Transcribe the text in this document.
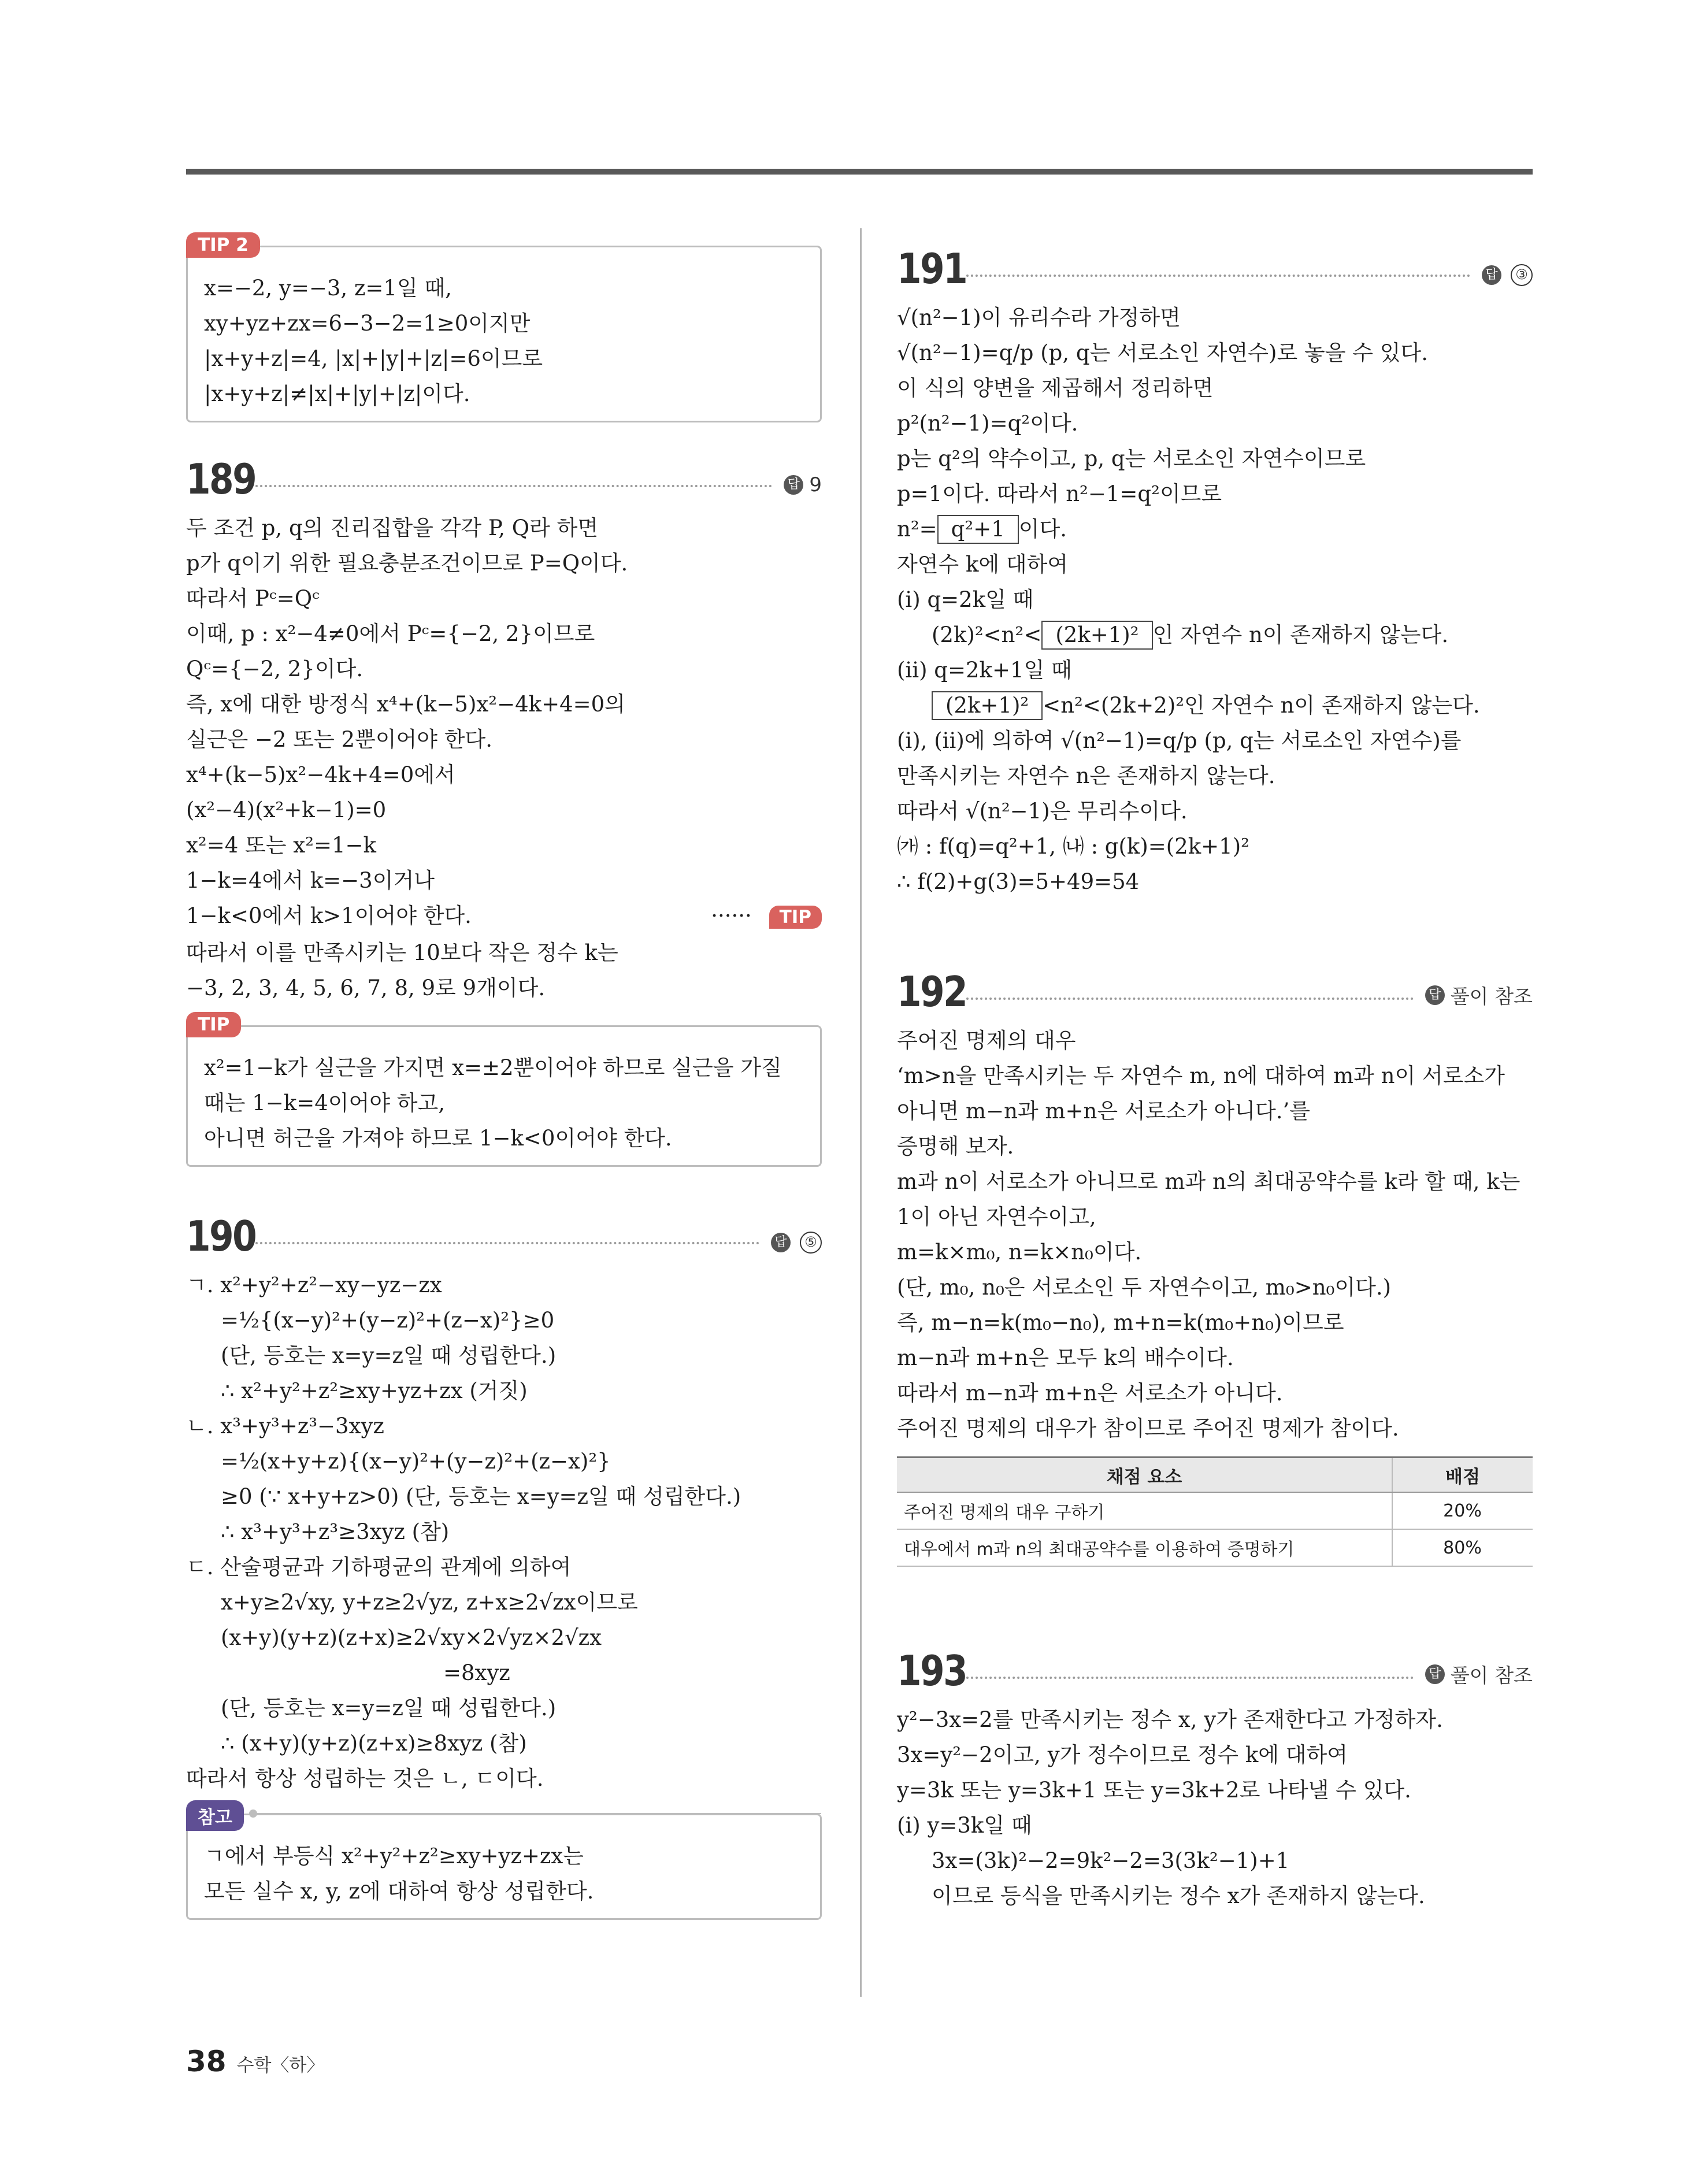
TIP 2
x=−2, y=−3, z=1일 때,
xy+yz+zx=6−3−2=1≥0이지만
|x+y+z|=4, |x|+|y|+|z|=6이므로
|x+y+z|≠|x|+|y|+|z|이다.
189	답 9
두 조건 p, q의 진리집합을 각각 P, Q라 하면
p가 q이기 위한 필요충분조건이므로 P=Q이다.
따라서 Pᶜ=Qᶜ
이때, p : x²−4≠0에서 Pᶜ={−2, 2}이므로
Qᶜ={−2, 2}이다.
즉, x에 대한 방정식 x⁴+(k−5)x²−4k+4=0의
실근은 −2 또는 2뿐이어야 한다.
x⁴+(k−5)x²−4k+4=0에서
(x²−4)(x²+k−1)=0
x²=4 또는 x²=1−k
1−k=4에서 k=−3이거나
1−k<0에서 k>1이어야 한다.	······ TIP
따라서 이를 만족시키는 10보다 작은 정수 k는
−3, 2, 3, 4, 5, 6, 7, 8, 9로 9개이다.
TIP
x²=1−k가 실근을 가지면 x=±2뿐이어야 하므로 실근을 가질
때는 1−k=4이어야 하고,
아니면 허근을 가져야 하므로 1−k<0이어야 한다.
190	답	⑤
ㄱ. x²+y²+z²−xy−yz−zx
=½{(x−y)²+(y−z)²+(z−x)²}≥0
(단, 등호는 x=y=z일 때 성립한다.)
∴ x²+y²+z²≥xy+yz+zx (거짓)
ㄴ. x³+y³+z³−3xyz
=½(x+y+z){(x−y)²+(y−z)²+(z−x)²}
≥0 (∵ x+y+z>0) (단, 등호는 x=y=z일 때 성립한다.)
∴ x³+y³+z³≥3xyz (참)
ㄷ. 산술평균과 기하평균의 관계에 의하여
x+y≥2√xy, y+z≥2√yz, z+x≥2√zx이므로
(x+y)(y+z)(z+x)≥2√xy×2√yz×2√zx
=8xyz
(단, 등호는 x=y=z일 때 성립한다.)
∴ (x+y)(y+z)(z+x)≥8xyz (참)
따라서 항상 성립하는 것은 ㄴ, ㄷ이다.
참고
ㄱ에서 부등식 x²+y²+z²≥xy+yz+zx는
모든 실수 x, y, z에 대하여 항상 성립한다.
191	답	③
√(n²−1)이 유리수라 가정하면
√(n²−1)=q/p (p, q는 서로소인 자연수)로 놓을 수 있다.
이 식의 양변을 제곱해서 정리하면
p²(n²−1)=q²이다.
p는 q²의 약수이고, p, q는 서로소인 자연수이므로
p=1이다. 따라서 n²−1=q²이므로
n²= q²+1 이다.
자연수 k에 대하여
(i) q=2k일 때
(2k)²<n²< (2k+1)² 인 자연수 n이 존재하지 않는다.
(ii) q=2k+1일 때
(2k+1)² <n²<(2k+2)²인 자연수 n이 존재하지 않는다.
(i), (ii)에 의하여 √(n²−1)=q/p (p, q는 서로소인 자연수)를
만족시키는 자연수 n은 존재하지 않는다.
따라서 √(n²−1)은 무리수이다.
㈎ : f(q)=q²+1, ㈏ : g(k)=(2k+1)²
∴ f(2)+g(3)=5+49=54
192	답 풀이 참조
주어진 명제의 대우
‘m>n을 만족시키는 두 자연수 m, n에 대하여 m과 n이 서로소가
아니면 m−n과 m+n은 서로소가 아니다.’를
증명해 보자.
m과 n이 서로소가 아니므로 m과 n의 최대공약수를 k라 할 때, k는
1이 아닌 자연수이고,
m=k×m₀, n=k×n₀이다.
(단, m₀, n₀은 서로소인 두 자연수이고, m₀>n₀이다.)
즉, m−n=k(m₀−n₀), m+n=k(m₀+n₀)이므로
m−n과 m+n은 모두 k의 배수이다.
따라서 m−n과 m+n은 서로소가 아니다.
주어진 명제의 대우가 참이므로 주어진 명제가 참이다.
채점 요소	배점
주어진 명제의 대우 구하기	20%
대우에서 m과 n의 최대공약수를 이용하여 증명하기	80%
193	답 풀이 참조
y²−3x=2를 만족시키는 정수 x, y가 존재한다고 가정하자.
3x=y²−2이고, y가 정수이므로 정수 k에 대하여
y=3k 또는 y=3k+1 또는 y=3k+2로 나타낼 수 있다.
(i) y=3k일 때
3x=(3k)²−2=9k²−2=3(3k²−1)+1
이므로 등식을 만족시키는 정수 x가 존재하지 않는다.
38 수학〈하〉
